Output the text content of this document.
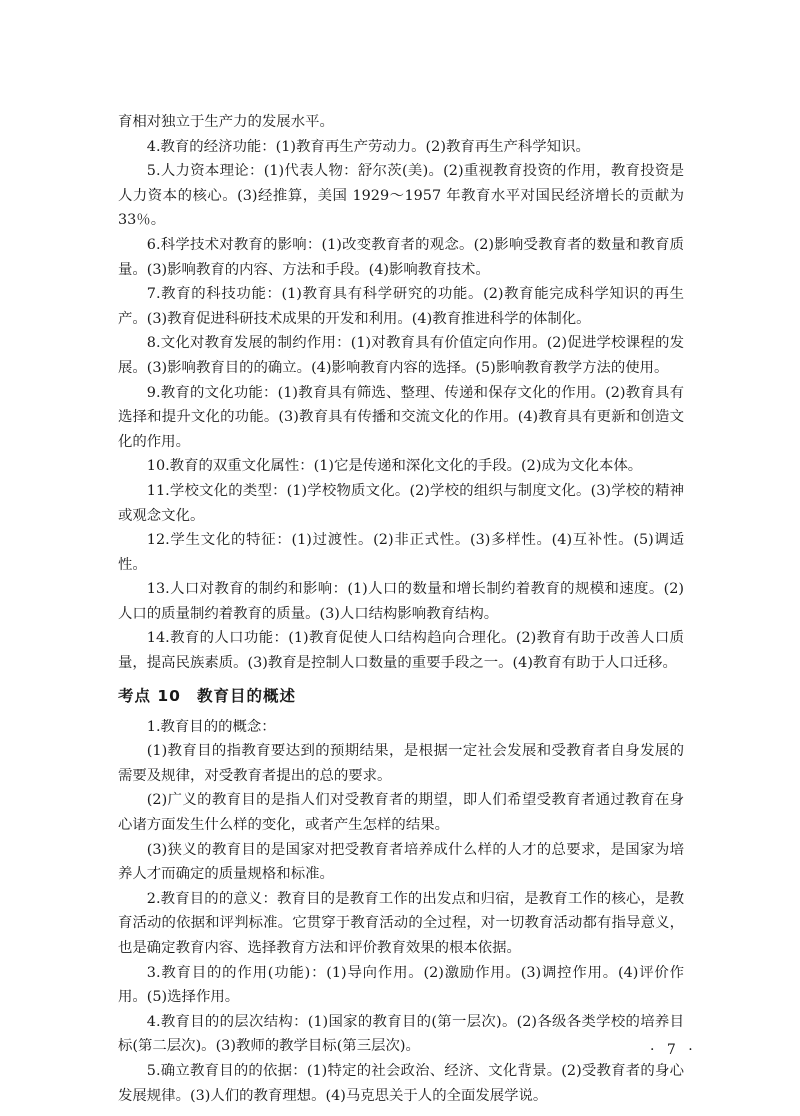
育相对独立于生产力的发展水平。

4.教育的经济功能：(1)教育再生产劳动力。(2)教育再生产科学知识。

5.人力资本理论：(1)代表人物：舒尔茨(美)。(2)重视教育投资的作用，教育投资是人力资本的核心。(3)经推算，美国 1929～1957 年教育水平对国民经济增长的贡献为 33％。

6.科学技术对教育的影响：(1)改变教育者的观念。(2)影响受教育者的数量和教育质量。(3)影响教育的内容、方法和手段。(4)影响教育技术。

7.教育的科技功能：(1)教育具有科学研究的功能。(2)教育能完成科学知识的再生产。(3)教育促进科研技术成果的开发和利用。(4)教育推进科学的体制化。

8.文化对教育发展的制约作用：(1)对教育具有价值定向作用。(2)促进学校课程的发展。(3)影响教育目的的确立。(4)影响教育内容的选择。(5)影响教育教学方法的使用。

9.教育的文化功能：(1)教育具有筛选、整理、传递和保存文化的作用。(2)教育具有选择和提升文化的功能。(3)教育具有传播和交流文化的作用。(4)教育具有更新和创造文化的作用。

10.教育的双重文化属性：(1)它是传递和深化文化的手段。(2)成为文化本体。

11.学校文化的类型：(1)学校物质文化。(2)学校的组织与制度文化。(3)学校的精神或观念文化。

12.学生文化的特征：(1)过渡性。(2)非正式性。(3)多样性。(4)互补性。(5)调适性。

13.人口对教育的制约和影响：(1)人口的数量和增长制约着教育的规模和速度。(2)人口的质量制约着教育的质量。(3)人口结构影响教育结构。

14.教育的人口功能：(1)教育促使人口结构趋向合理化。(2)教育有助于改善人口质量，提高民族素质。(3)教育是控制人口数量的重要手段之一。(4)教育有助于人口迁移。

考点 10 教育目的概述

1.教育目的的概念：

(1)教育目的指教育要达到的预期结果，是根据一定社会发展和受教育者自身发展的需要及规律，对受教育者提出的总的要求。

(2)广义的教育目的是指人们对受教育者的期望，即人们希望受教育者通过教育在身心诸方面发生什么样的变化，或者产生怎样的结果。

(3)狭义的教育目的是国家对把受教育者培养成什么样的人才的总要求，是国家为培养人才而确定的质量规格和标准。

2.教育目的的意义：教育目的是教育工作的出发点和归宿，是教育工作的核心，是教育活动的依据和评判标准。它贯穿于教育活动的全过程，对一切教育活动都有指导意义，也是确定教育内容、选择教育方法和评价教育效果的根本依据。

3.教育目的的作用(功能)：(1)导向作用。(2)激励作用。(3)调控作用。(4)评价作用。(5)选择作用。

4.教育目的的层次结构：(1)国家的教育目的(第一层次)。(2)各级各类学校的培养目标(第二层次)。(3)教师的教学目标(第三层次)。

5.确立教育目的的依据：(1)特定的社会政治、经济、文化背景。(2)受教育者的身心发展规律。(3)人们的教育理想。(4)马克思关于人的全面发展学说。

· 7 ·
